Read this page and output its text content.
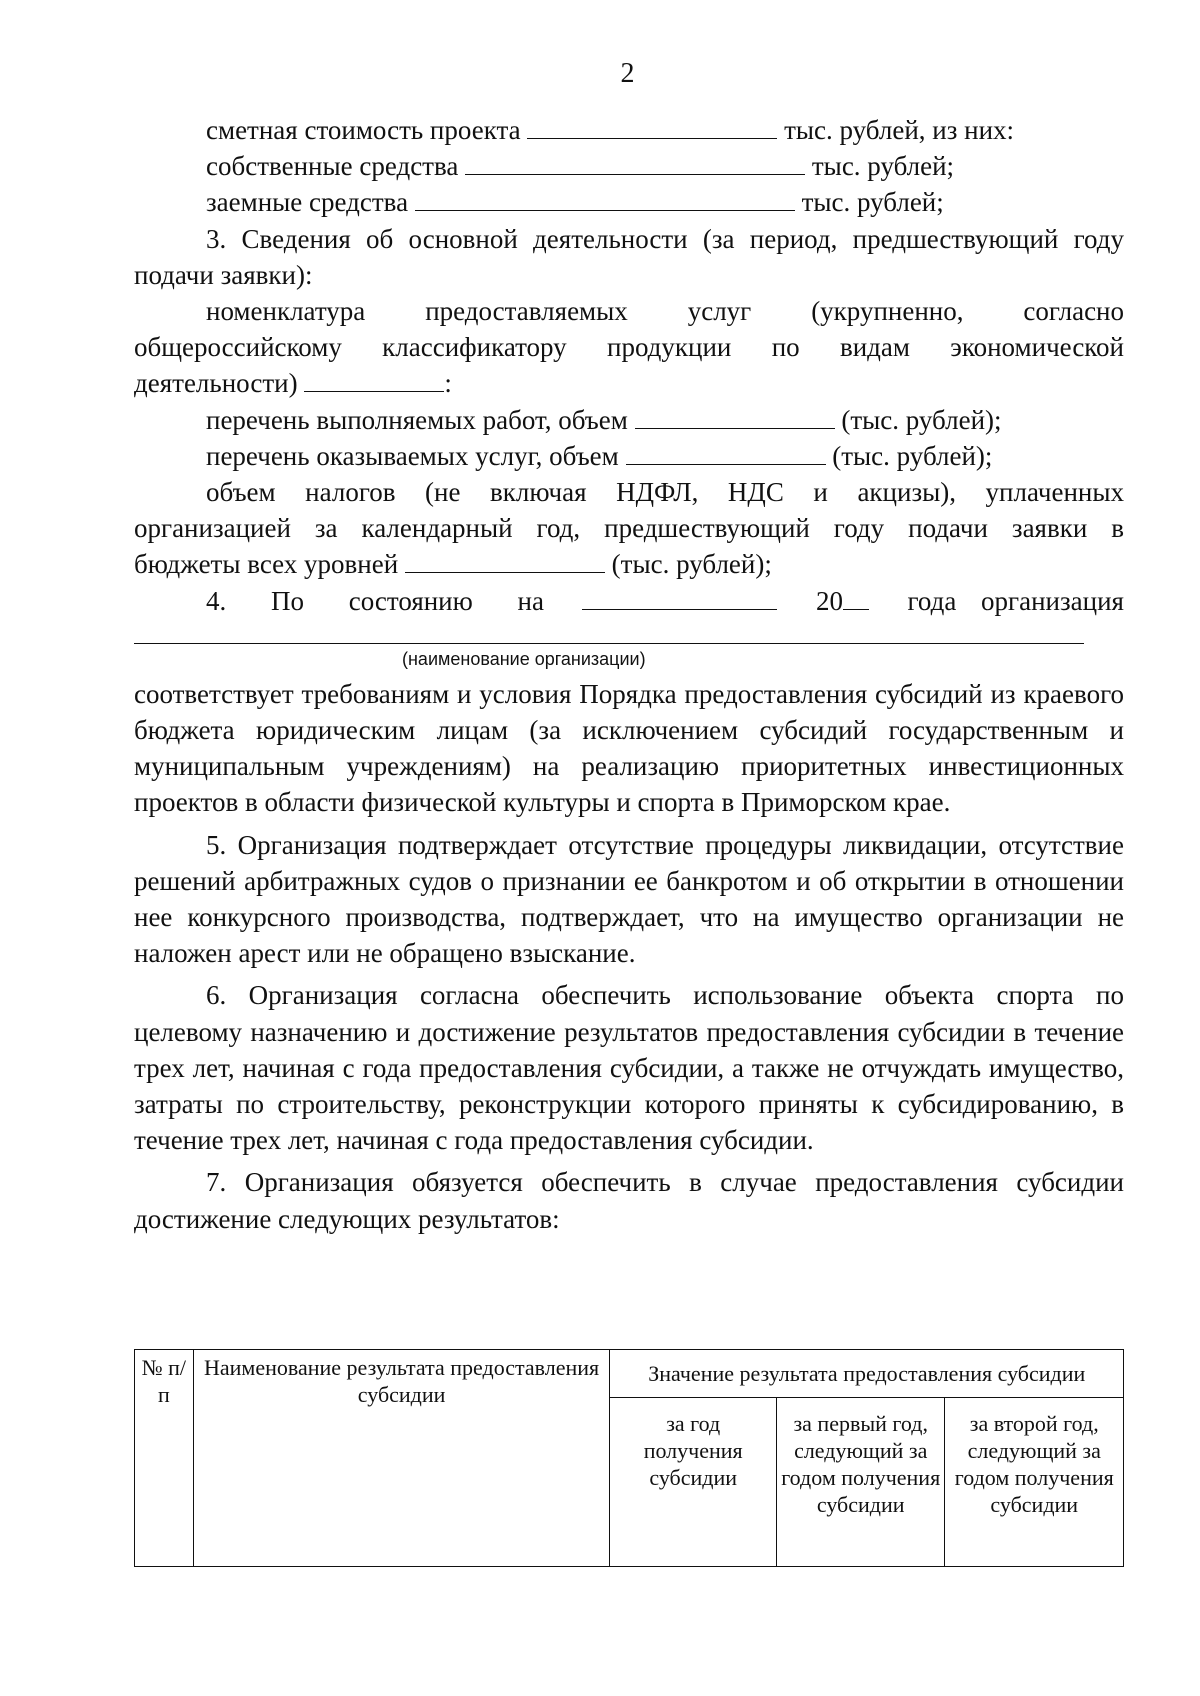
2
сметная стоимость проекта	тыс. рублей, из них:
собственные средства	тыс. рублей;
заемные средства	тыс. рублей;
3. Сведения об основной деятельности (за период, предшествующий году
подачи заявки):
номенклатура предоставляемых услуг (укрупненно, согласно
общероссийскому классификатору продукции по видам экономической
деятельности)	:
перечень выполняемых работ, объем	(тыс. рублей);
перечень оказываемых услуг, объем	(тыс. рублей);
объем налогов (не включая НДФЛ, НДС и акцизы), уплаченных
организацией за календарный год, предшествующий году подачи заявки в
бюджеты всех уровней	(тыс. рублей);
4. По состоянию на	20	года организация
(наименование организации)
соответствует требованиям и условия Порядка предоставления субсидий из краевого бюджета юридическим лицам (за исключением субсидий государственным и муниципальным учреждениям) на реализацию приоритетных инвестиционных проектов в области физической культуры и спорта в Приморском крае.
5. Организация подтверждает отсутствие процедуры ликвидации, отсутствие решений арбитражных судов о признании ее банкротом и об открытии в отношении нее конкурсного производства, подтверждает, что на имущество организации не наложен арест или не обращено взыскание.
6. Организация согласна обеспечить использование объекта спорта по целевому назначению и достижение результатов предоставления субсидии в течение трех лет, начиная с года предоставления субсидии, а также не отчуждать имущество, затраты по строительству, реконструкции которого приняты к субсидированию, в течение трех лет, начиная с года предоставления субсидии.
7. Организация обязуется обеспечить в случае предоставления субсидии достижение следующих результатов:
№ п/п	Наименование результата предоставления субсидии	Значение результата предоставления субсидии		
		за год получения субсидии	за первый год, следующий за годом получения субсидии	за второй год, следующий за годом получения субсидии
